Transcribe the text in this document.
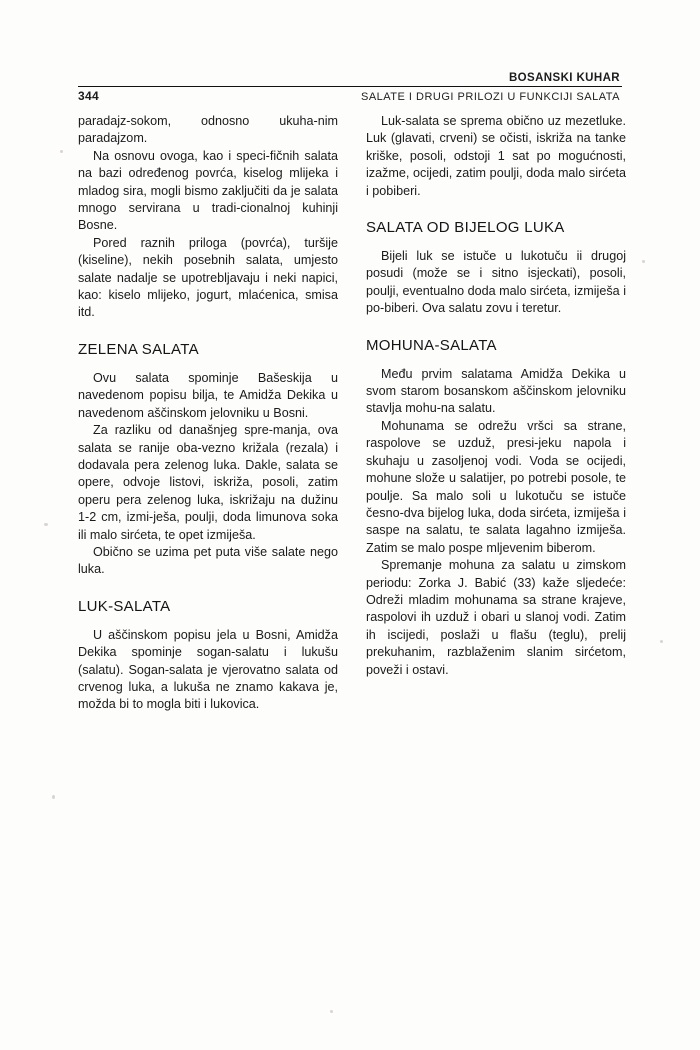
BOSANSKI KUHAR
344	SALATE I DRUGI PRILOZI U FUNKCIJI SALATA

paradajz-sokom, odnosno ukuha-nim paradajzom.

Na osnovu ovoga, kao i speci-fičnih salata na bazi određenog povrća, kiselog mlijeka i mladog sira, mogli bismo zaključiti da je salata mnogo servirana u tradi-cionalnoj kuhinji Bosne.

Pored raznih priloga (povrća), turšije (kiseline), nekih posebnih salata, umjesto salate nadalje se upotrebljavaju i neki napici, kao: kiselo mlijeko, jogurt, mlaćenica, smisa itd.

ZELENA SALATA

Ovu salata spominje Bašeskija u navedenom popisu bilja, te Amidža Dekika u navedenom aščinskom jelovniku u Bosni.

Za razliku od današnjeg spre-manja, ova salata se ranije oba-vezno križala (rezala) i dodavala pera zelenog luka. Dakle, salata se opere, odvoje listovi, iskriža, posoli, zatim operu pera zelenog luka, iskrižaju na dužinu 1-2 cm, izmi-ješa, poulji, doda limunova soka ili malo sirćeta, te opet izmiješa.

Obično se uzima pet puta više salate nego luka.

LUK-SALATA

U aščinskom popisu jela u Bosni, Amidža Dekika spominje sogan-salatu i lukušu (salatu). Sogan-salata je vjerovatno salata od crvenog luka, a lukuša ne znamo kakava je, možda bi to mogla biti i lukovica.

Luk-salata se sprema obično uz mezetluke. Luk (glavati, crveni) se očisti, iskriža na tanke kriške, posoli, odstoji 1 sat po mogućnosti, izažme, ocijedi, zatim poulji, doda malo sirćeta i pobiberi.

SALATA OD BIJELOG LUKA

Bijeli luk se istuče u lukotuču ii drugoj posudi (može se i sitno isjeckati), posoli, poulji, eventualno doda malo sirćeta, izmiješa i po-biberi. Ova salatu zovu i teretur.

MOHUNA-SALATA

Među prvim salatama Amidža Dekika u svom starom bosanskom aščinskom jelovniku stavlja mohu-na salatu.

Mohunama se odrežu vršci sa strane, raspolove se uzduž, presi-jeku napola i skuhaju u zasoljenoj vodi. Voda se ocijedi, mohune slože u salatijer, po potrebi posole, te poulje. Sa malo soli u lukotuču se istuče česno-dva bijelog luka, doda sirćeta, izmiješa i saspe na salatu, te salata lagahno izmiješa. Zatim se malo pospe mljevenim biberom.

Spremanje mohuna za salatu u zimskom periodu: Zorka J. Babić (33) kaže sljedeće: Odreži mladim mohunama sa strane krajeve, raspolovi ih uzduž i obari u slanoj vodi. Zatim ih iscijedi, poslaži u flašu (teglu), prelij prekuhanim, razblaženim slanim sirćetom, poveži i ostavi.
